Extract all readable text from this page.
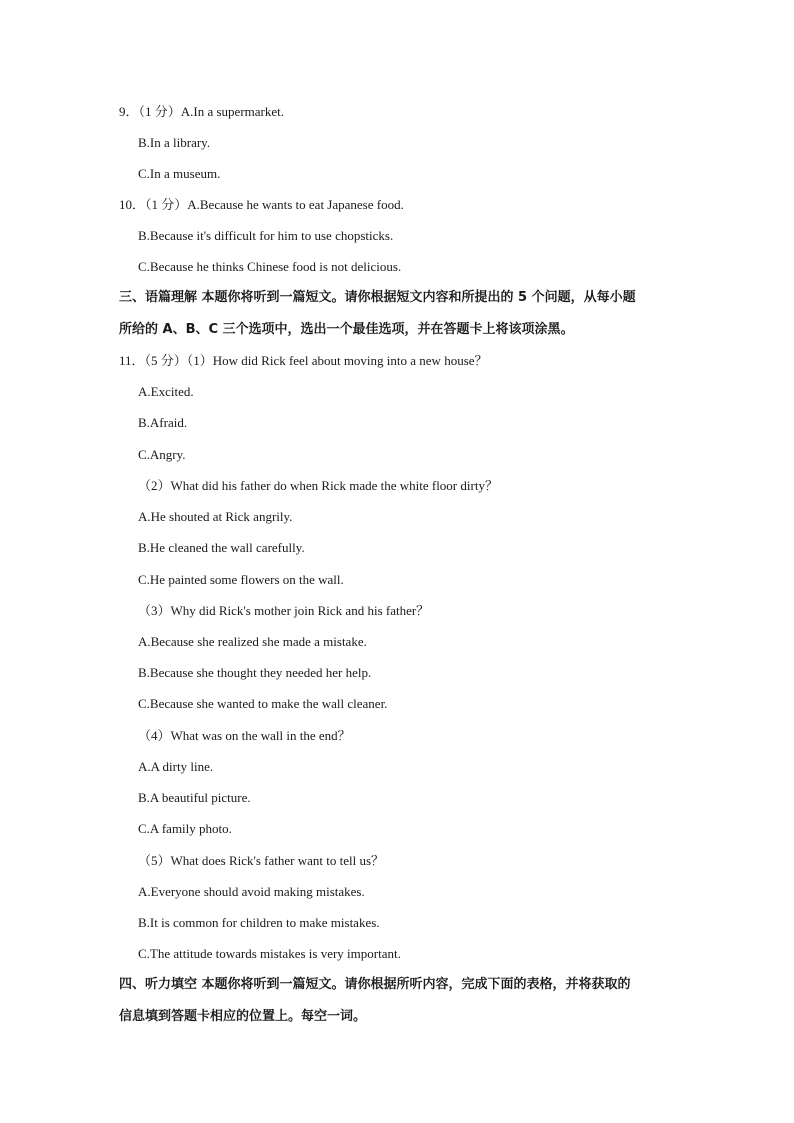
9．（1 分）A.In a supermarket.
B.In a library.
C.In a museum.
10．（1 分）A.Because he wants to eat Japanese food.
B.Because it's difficult for him to use chopsticks.
C.Because he thinks Chinese food is not delicious.
三、语篇理解 本题你将听到一篇短文。请你根据短文内容和所提出的 5 个问题，从每小题
所给的 A、B、C 三个选项中，选出一个最佳选项，并在答题卡上将该项涂黑。
11．（5 分）（1）How did Rick feel about moving into a new house？
A.Excited.
B.Afraid.
C.Angry.
（2）What did his father do when Rick made the white floor dirty？
A.He shouted at Rick angrily.
B.He cleaned the wall carefully.
C.He painted some flowers on the wall.
（3）Why did Rick's mother join Rick and his father？
A.Because she realized she made a mistake.
B.Because she thought they needed her help.
C.Because she wanted to make the wall cleaner.
（4）What was on the wall in the end？
A.A dirty line.
B.A beautiful picture.
C.A family photo.
（5）What does Rick's father want to tell us？
A.Everyone should avoid making mistakes.
B.It is common for children to make mistakes.
C.The attitude towards mistakes is very important.
四、听力填空 本题你将听到一篇短文。请你根据所听内容，完成下面的表格，并将获取的
信息填到答题卡相应的位置上。每空一词。
